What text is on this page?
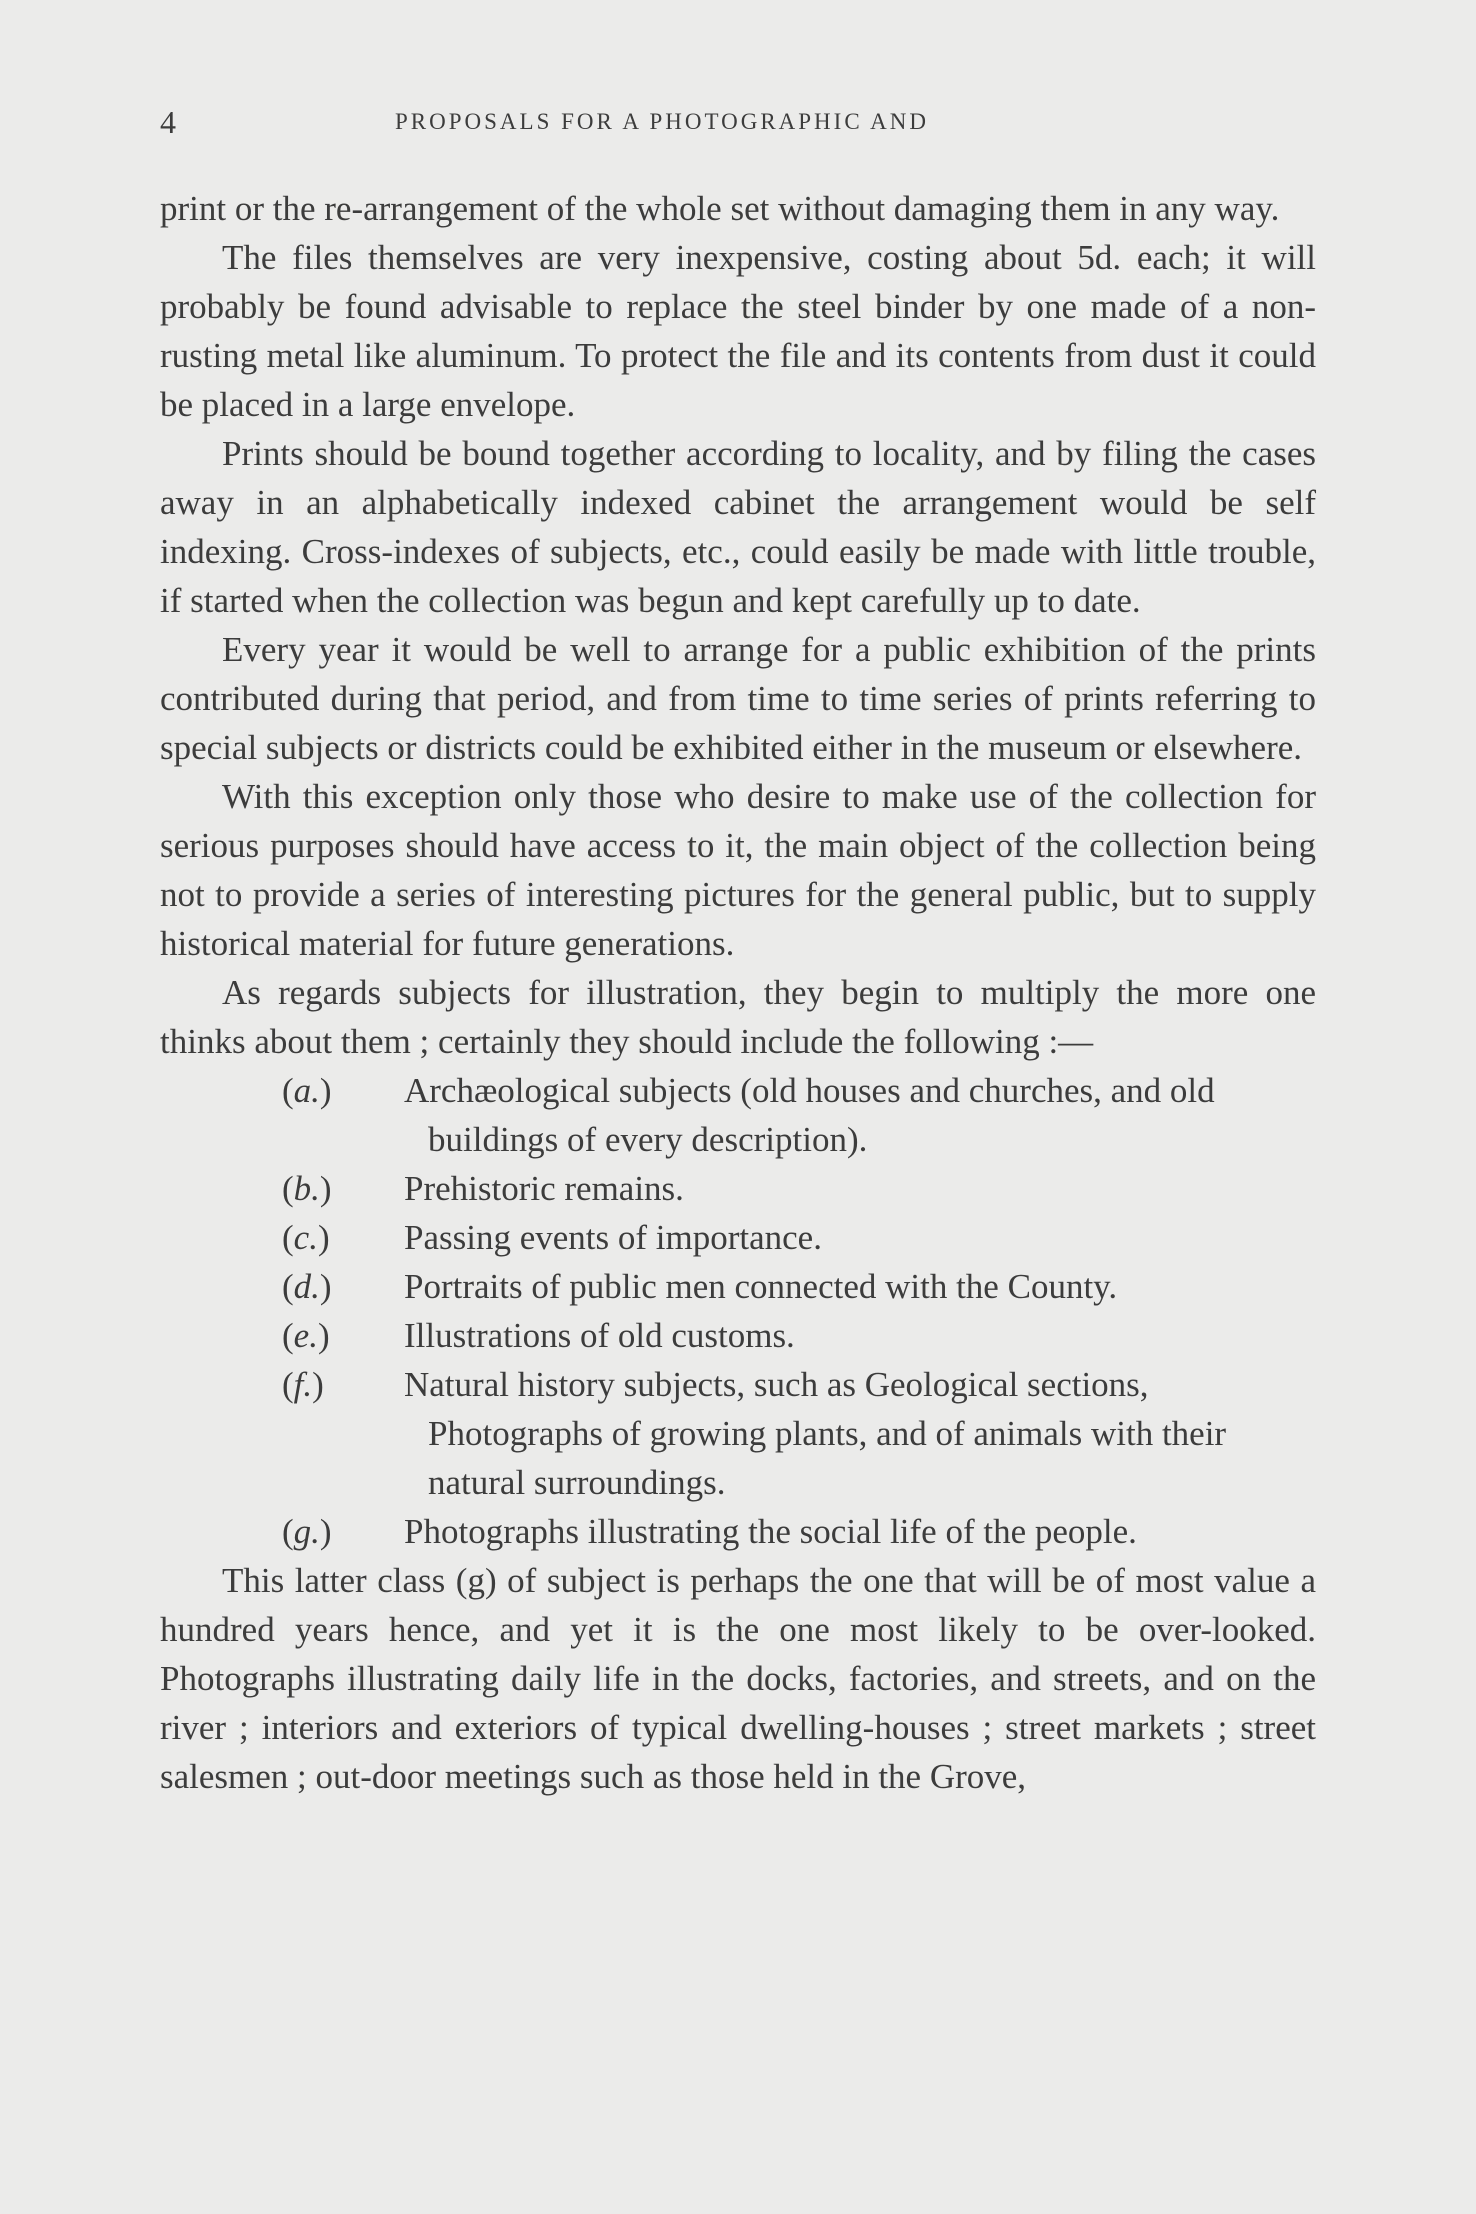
4	PROPOSALS FOR A PHOTOGRAPHIC AND

print or the re-arrangement of the whole set without damaging them in any way.

The files themselves are very inexpensive, costing about 5d. each; it will probably be found advisable to replace the steel binder by one made of a non-rusting metal like aluminum. To protect the file and its contents from dust it could be placed in a large envelope.

Prints should be bound together according to locality, and by filing the cases away in an alphabetically indexed cabinet the arrangement would be self indexing. Cross-indexes of subjects, etc., could easily be made with little trouble, if started when the collection was begun and kept carefully up to date.

Every year it would be well to arrange for a public exhibition of the prints contributed during that period, and from time to time series of prints referring to special subjects or districts could be exhibited either in the museum or elsewhere.

With this exception only those who desire to make use of the collection for serious purposes should have access to it, the main object of the collection being not to provide a series of interesting pictures for the general public, but to supply historical material for future generations.

As regards subjects for illustration, they begin to multiply the more one thinks about them ; certainly they should include the following :—

(a.) Archæological subjects (old houses and churches, and old buildings of every description).
(b.) Prehistoric remains.
(c.) Passing events of importance.
(d.) Portraits of public men connected with the County.
(e.) Illustrations of old customs.
(f.) Natural history subjects, such as Geological sections, Photographs of growing plants, and of animals with their natural surroundings.
(g.) Photographs illustrating the social life of the people.

This latter class (g) of subject is perhaps the one that will be of most value a hundred years hence, and yet it is the one most likely to be over-looked. Photographs illustrating daily life in the docks, factories, and streets, and on the river ; interiors and exteriors of typical dwelling-houses ; street markets ; street salesmen ; out-door meetings such as those held in the Grove,
